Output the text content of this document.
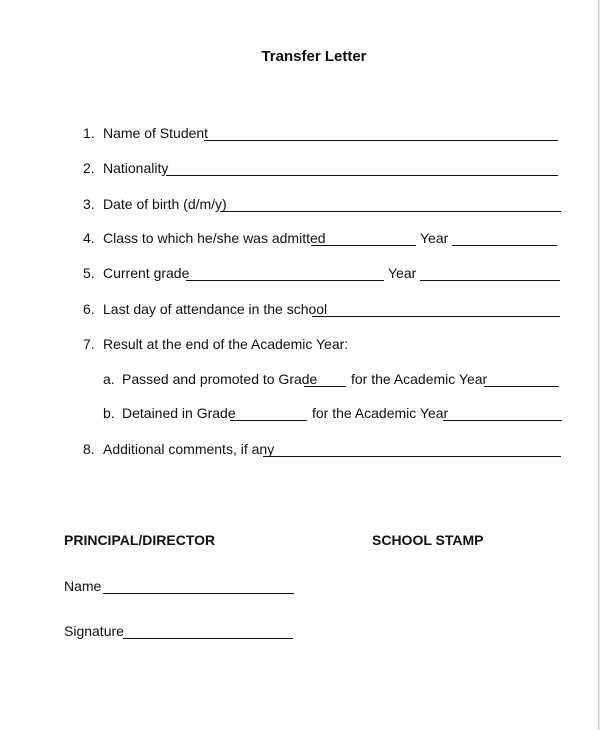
Transfer Letter
1. Name of Student
2. Nationality
3. Date of birth (d/m/y)
4. Class to which he/she was admitted	Year
5. Current grade	Year
6. Last day of attendance in the school
7. Result at the end of the Academic Year:
a. Passed and promoted to Grade for the Academic Year
b. Detained in Grade	for the Academic Year
8. Additional comments, if any
PRINCIPAL/DIRECTOR	SCHOOL STAMP
Name
Signature
